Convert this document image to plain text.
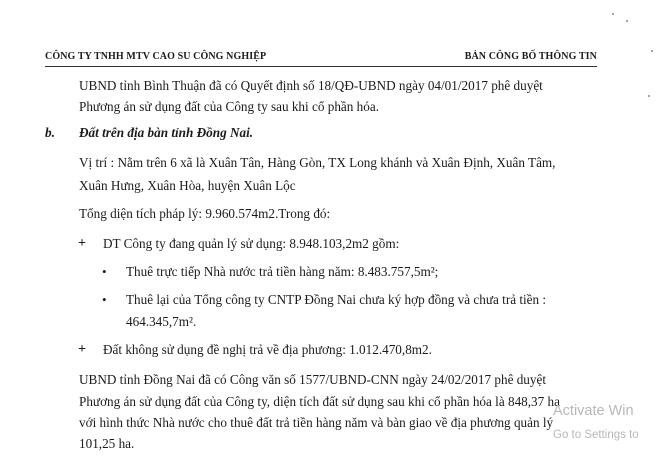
CÔNG TY TNHH MTV CAO SU CÔNG NGHIỆP	BẢN CÔNG BỐ THÔNG TIN
UBND tỉnh Bình Thuận đã có Quyết định số 18/QĐ-UBND ngày 04/01/2017 phê duyệt
Phương án sử dụng đất của Công ty sau khi cổ phần hóa.
b. Đất trên địa bàn tỉnh Đồng Nai.
Vị trí : Nằm trên 6 xã là Xuân Tân, Hàng Gòn, TX Long khánh và Xuân Định, Xuân Tâm,
Xuân Hưng, Xuân Hòa, huyện Xuân Lộc
Tổng diện tích pháp lý: 9.960.574m2.Trong đó:
+ DT Công ty đang quản lý sử dụng: 8.948.103,2m2 gồm:
• Thuê trực tiếp Nhà nước trả tiền hàng năm: 8.483.757,5m²;
• Thuê lại của Tổng công ty CNTP Đồng Nai chưa ký hợp đồng và chưa trả tiền :
464.345,7m².
+ Đất không sử dụng đề nghị trả về địa phương: 1.012.470,8m2.
UBND tỉnh Đồng Nai đã có Công văn số 1577/UBND-CNN ngày 24/02/2017 phê duyệt
Phương án sử dụng đất của Công ty, diện tích đất sử dụng sau khi cổ phần hóa là 848,37 ha
với hình thức Nhà nước cho thuê đất trả tiền hàng năm và bàn giao về địa phương quản lý
101,25 ha.
Activate Win
Go to Settings to
